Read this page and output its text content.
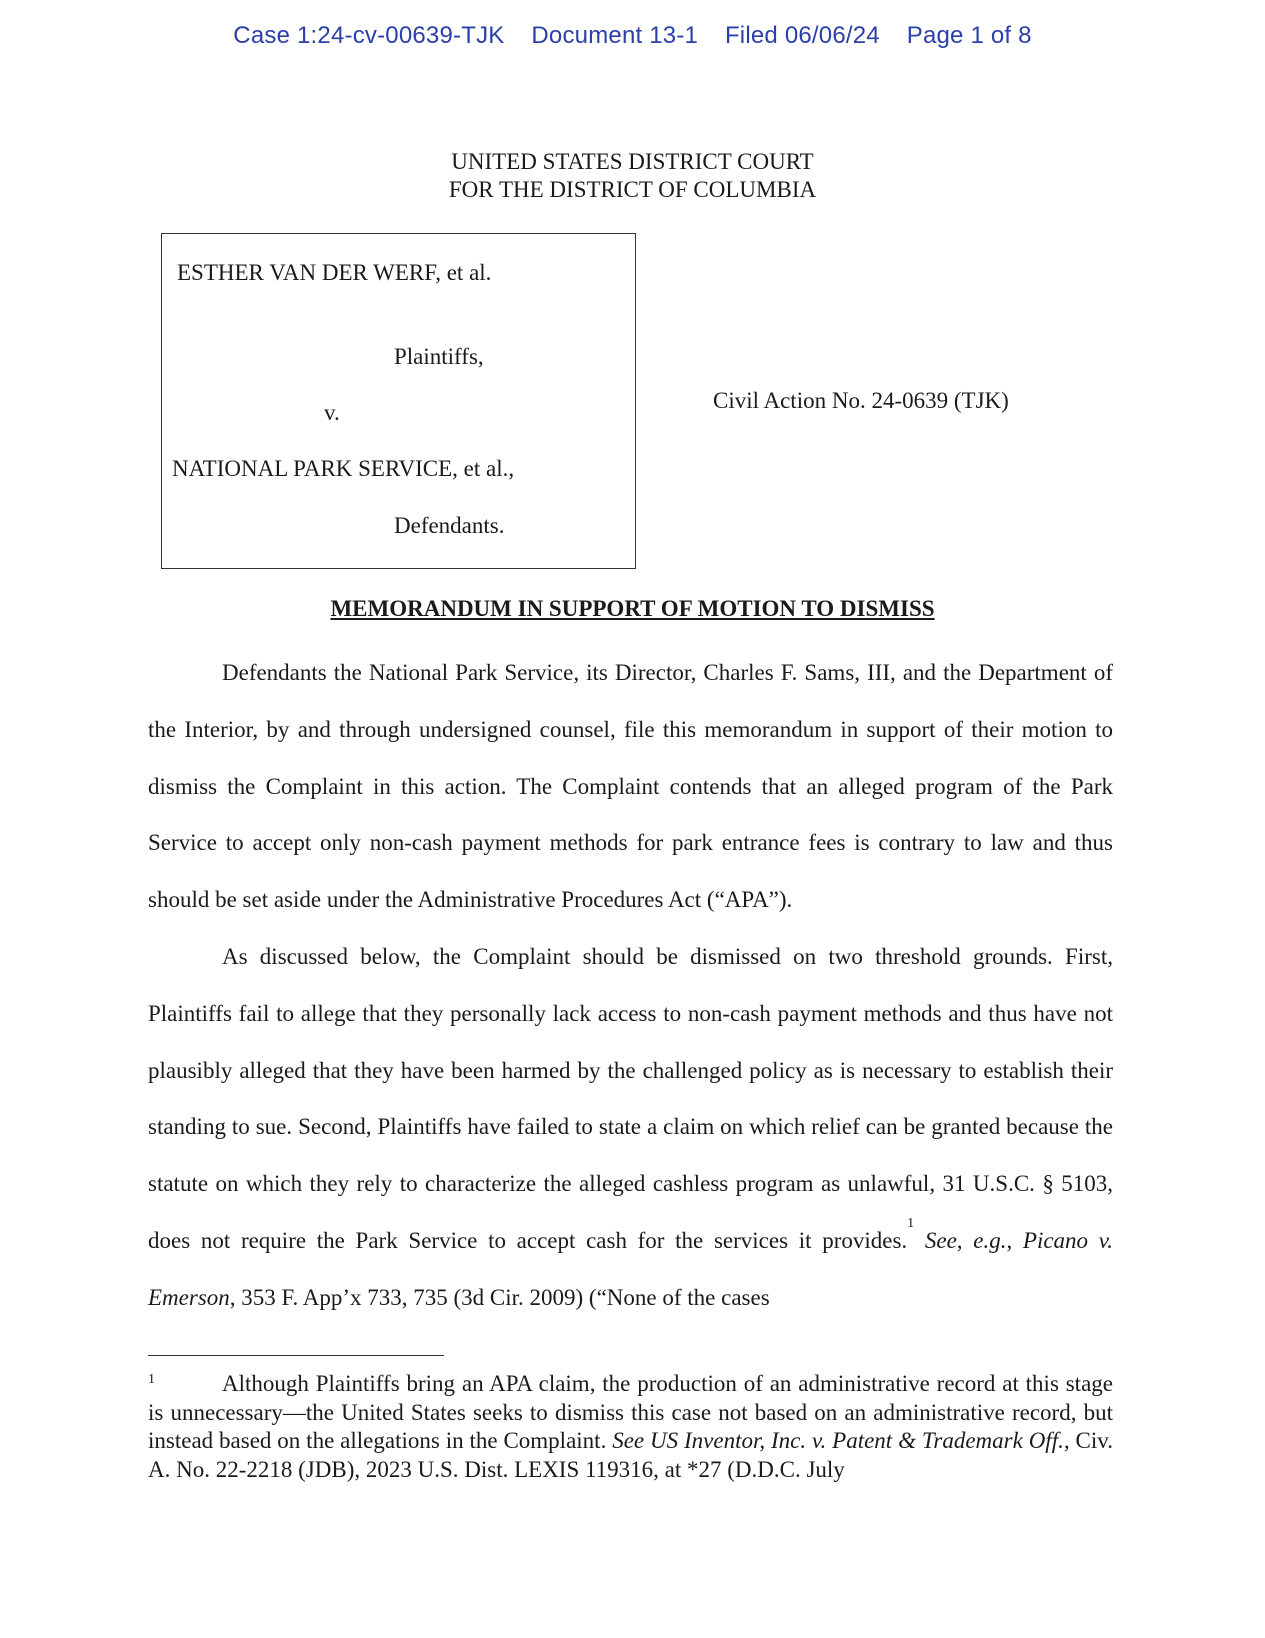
Case 1:24-cv-00639-TJK Document 13-1 Filed 06/06/24 Page 1 of 8
UNITED STATES DISTRICT COURT
FOR THE DISTRICT OF COLUMBIA
ESTHER VAN DER WERF, et al.
Plaintiffs,
v.
NATIONAL PARK SERVICE, et al.,
Defendants.
Civil Action No. 24-0639 (TJK)
MEMORANDUM IN SUPPORT OF MOTION TO DISMISS

Defendants the National Park Service, its Director, Charles F. Sams, III, and the Department of the Interior, by and through undersigned counsel, file this memorandum in support of their motion to dismiss the Complaint in this action. The Complaint contends that an alleged program of the Park Service to accept only non-cash payment methods for park entrance fees is contrary to law and thus should be set aside under the Administrative Procedures Act (“APA”).

As discussed below, the Complaint should be dismissed on two threshold grounds. First, Plaintiffs fail to allege that they personally lack access to non-cash payment methods and thus have not plausibly alleged that they have been harmed by the challenged policy as is necessary to establish their standing to sue. Second, Plaintiffs have failed to state a claim on which relief can be granted because the statute on which they rely to characterize the alleged cashless program as unlawful, 31 U.S.C. § 5103, does not require the Park Service to accept cash for the services it provides.$^1$ See, e.g., Picano v. Emerson, 353 F. App’x 733, 735 (3d Cir. 2009) (“None of the cases

1	Although Plaintiffs bring an APA claim, the production of an administrative record at this stage is unnecessary—the United States seeks to dismiss this case not based on an administrative record, but instead based on the allegations in the Complaint. See US Inventor, Inc. v. Patent & Trademark Off., Civ. A. No. 22-2218 (JDB), 2023 U.S. Dist. LEXIS 119316, at *27 (D.D.C. July
